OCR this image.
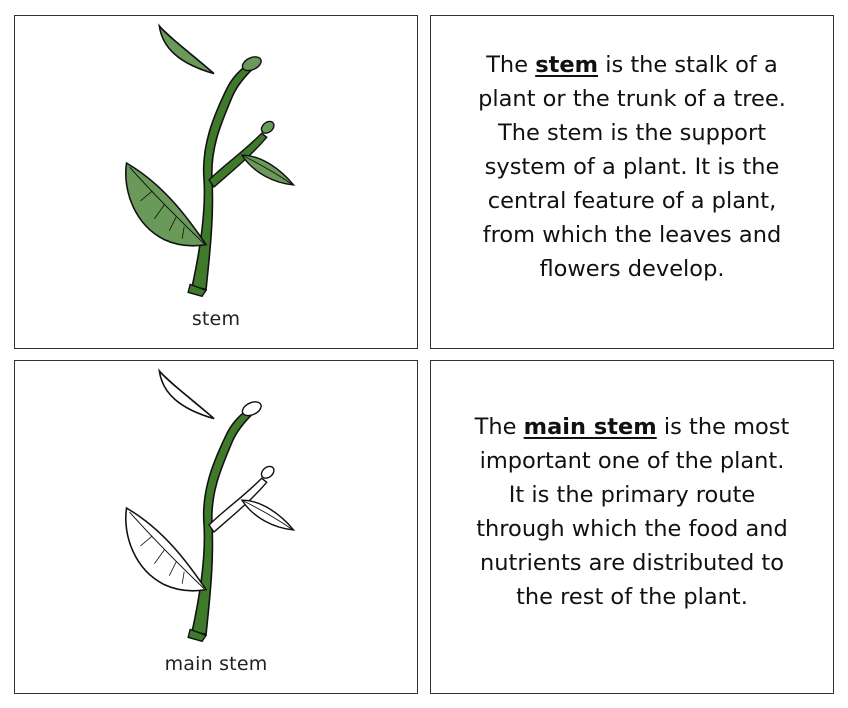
stem
The stem is the stalk of a plant or the trunk of a tree. The stem is the support system of a plant. It is the central feature of a plant, from which the leaves and flowers develop.
main stem
The main stem is the most important one of the plant. It is the primary route through which the food and nutrients are distributed to the rest of the plant.
